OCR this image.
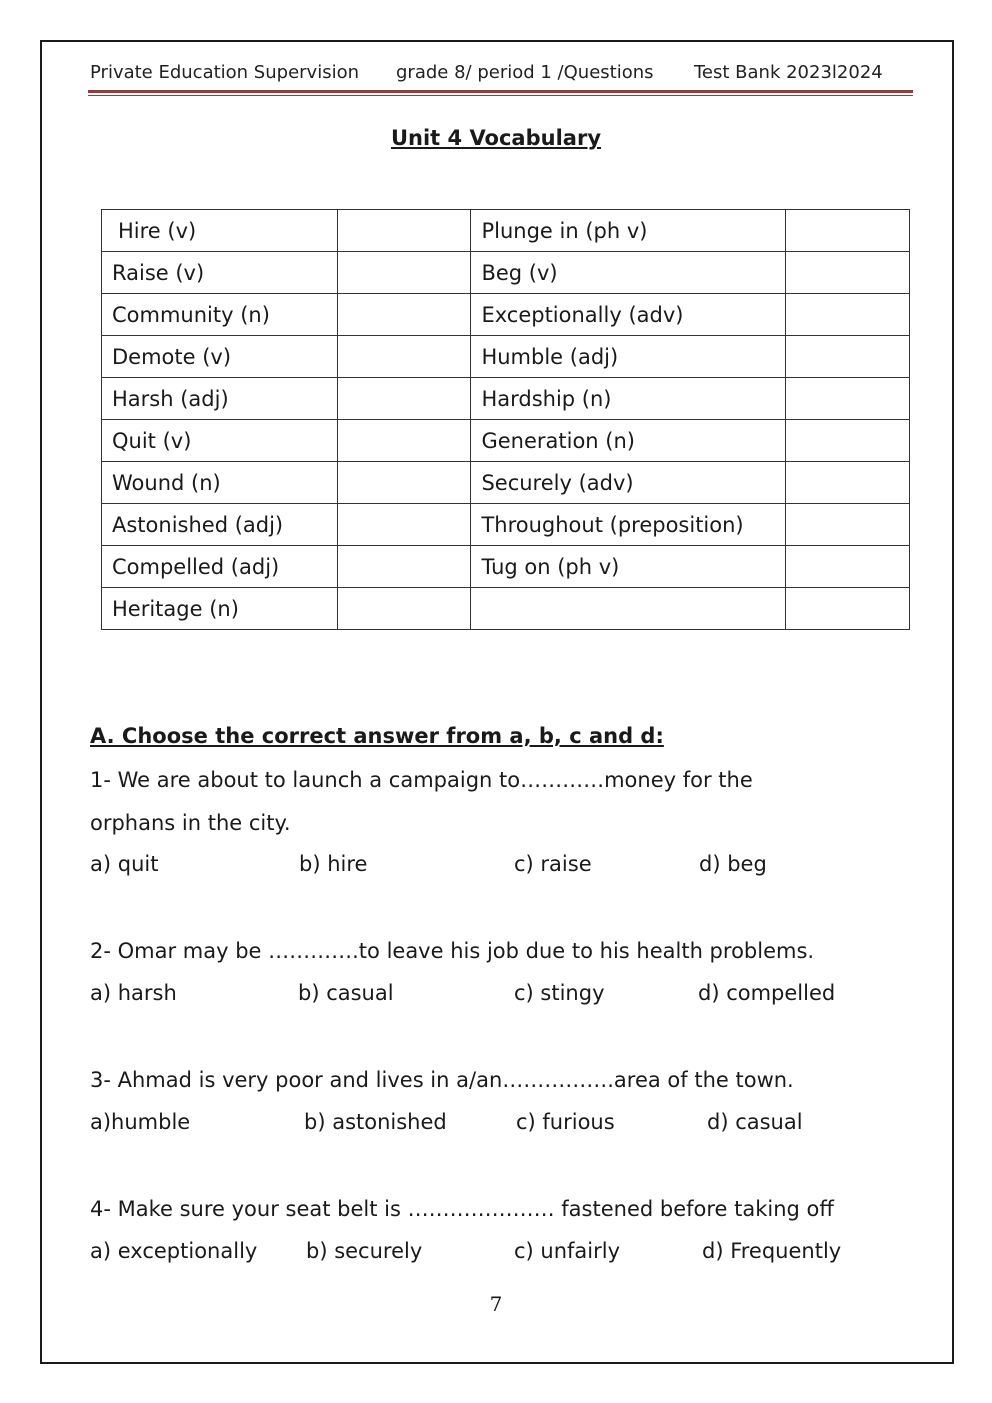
Private Education Supervision grade 8/ period 1 /Questions Test Bank 2023l2024
Unit 4 Vocabulary
Hire (v)		Plunge in (ph v)	
Raise (v)		Beg (v)	
Community (n)		Exceptionally (adv)	
Demote (v)		Humble (adj)	
Harsh (adj)		Hardship (n)	
Quit (v)		Generation (n)	
Wound (n)		Securely (adv)	
Astonished (adj)		Throughout (preposition)	
Compelled (adj)		Tug on (ph v)	
Heritage (n)			
A. Choose the correct answer from a, b, c and d:
1- We are about to launch a campaign to…………money for the
orphans in the city.
a) quit	b) hire	c) raise	d) beg
2- Omar may be ………….to leave his job due to his health problems.
a) harsh	b) casual	c) stingy	d) compelled
3- Ahmad is very poor and lives in a/an…………….area of the town.
a)humble	b) astonished	c) furious	d) casual
4- Make sure your seat belt is ………………… fastened before taking off
a) exceptionally b) securely	c) unfairly	d) Frequently
7
